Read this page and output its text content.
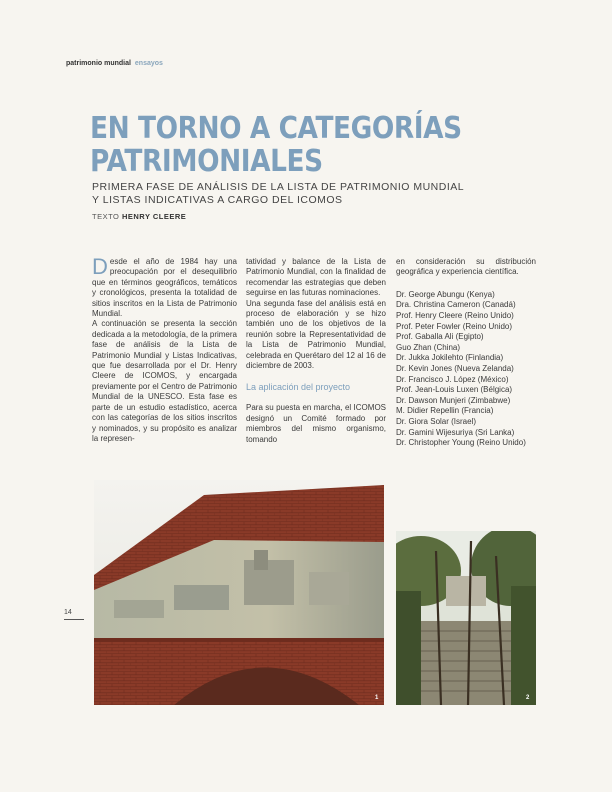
patrimonio mundial ensayos
EN TORNO A CATEGORÍAS
PATRIMONIALES
PRIMERA FASE DE ANÁLISIS DE LA LISTA DE PATRIMONIO MUNDIAL
Y LISTAS INDICATIVAS A CARGO DEL ICOMOS

TEXTO HENRY CLEERE

Desde el año de 1984 hay una preocupación por el desequilibrio que en términos geográficos, temáticos y cronológicos, presenta la totalidad de sitios inscritos en la Lista de Patrimonio Mundial.

A continuación se presenta la sección dedicada a la metodología, de la primera fase de análisis de la Lista de Patrimonio Mundial y Listas Indicativas, que fue desarrollada por el Dr. Henry Cleere de ICOMOS, y encargada previamente por el Centro de Patrimonio Mundial de la UNESCO. Esta fase es parte de un estudio estadístico, acerca con las categorías de los sitios inscritos y nominados, y su propósito es analizar la represen-

tatividad y balance de la Lista de Patrimonio Mundial, con la finalidad de recomendar las estrategias que deben seguirse en las futuras nominaciones.

Una segunda fase del análisis está en proceso de elaboración y se hizo también uno de los objetivos de la reunión sobre la Representatividad de la Lista de Patrimonio Mundial, celebrada en Querétaro del 12 al 16 de diciembre de 2003.

La aplicación del proyecto

Para su puesta en marcha, el ICOMOS designó un Comité formado por miembros del mismo organismo, tomando

en consideración su distribución geográfica y experiencia científica.

Dr. George Abungu (Kenya)
Dra. Christina Cameron (Canadá)
Prof. Henry Cleere (Reino Unido)
Prof. Peter Fowler (Reino Unido)
Prof. Gaballa Ali (Egipto)
Guo Zhan (China)
Dr. Jukka Jokilehto (Finlandia)
Dr. Kevin Jones (Nueva Zelanda)
Dr. Francisco J. López (México)
Prof. Jean-Louis Luxen (Bélgica)
Dr. Dawson Munjeri (Zimbabwe)
M. Didier Repellin (Francia)
Dr. Giora Solar (Israel)
Dr. Gamini Wijesuriya (Sri Lanka)
Dr. Christopher Young (Reino Unido)
1	2
14
